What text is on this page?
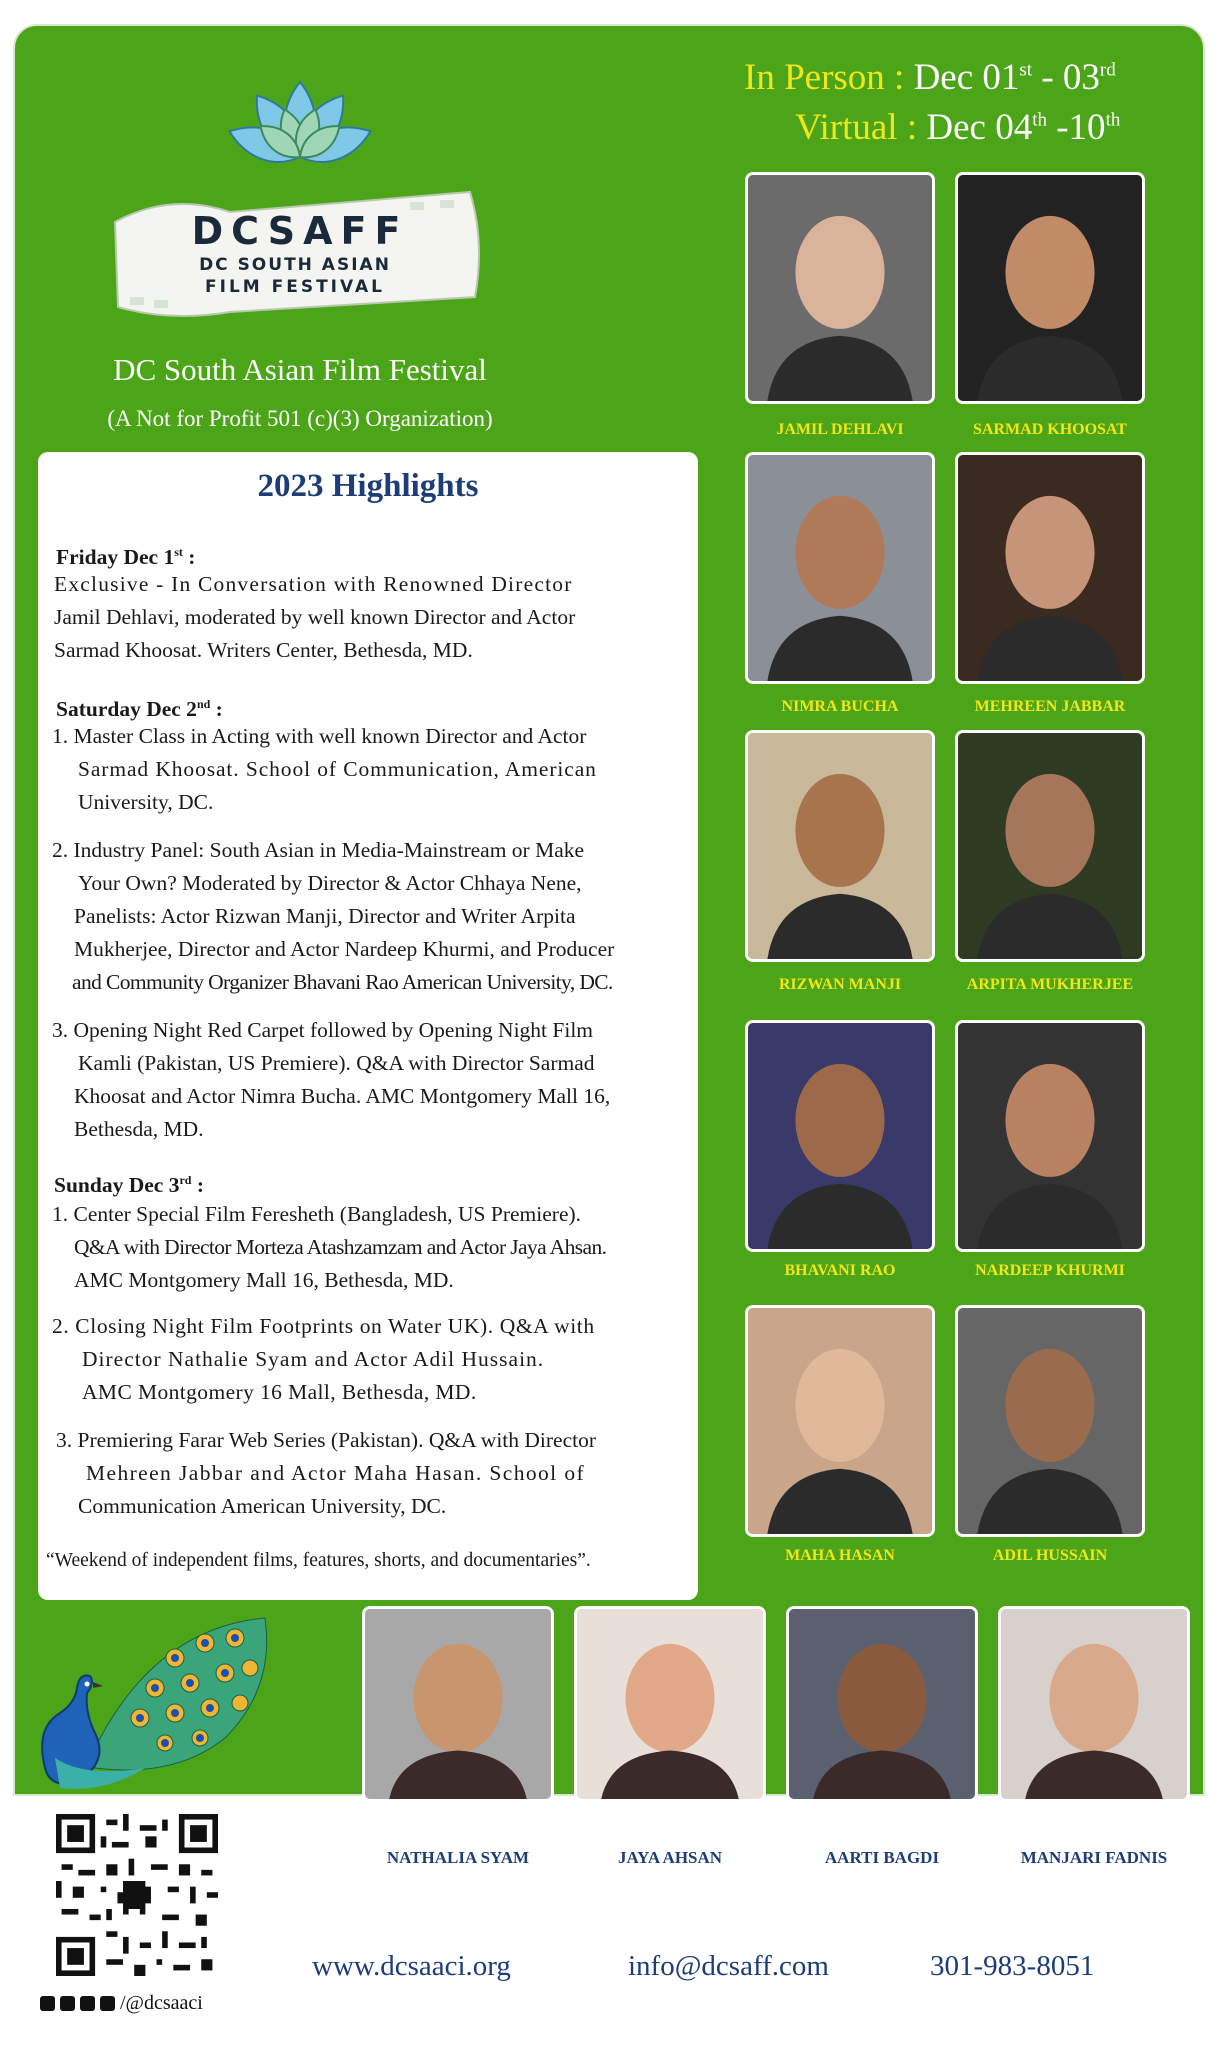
DCSAFF
DC SOUTH ASIAN
FILM FESTIVAL
DC South Asian Film Festival
(A Not for Profit 501 (c)(3) Organization)
In Person : Dec 01st - 03rd
Virtual : Dec 04th -10th
2023 Highlights
Friday Dec 1st :
Exclusive - In Conversation with Renowned Director
Jamil Dehlavi, moderated by well known Director and Actor
Sarmad Khoosat. Writers Center, Bethesda, MD.
Saturday Dec 2nd :
1. Master Class in Acting with well known Director and Actor
Sarmad Khoosat. School of Communication, American
University, DC.
2. Industry Panel: South Asian in Media-Mainstream or Make
Your Own? Moderated by Director & Actor Chhaya Nene,
Panelists: Actor Rizwan Manji, Director and Writer Arpita
Mukherjee, Director and Actor Nardeep Khurmi, and Producer
and Community Organizer Bhavani Rao American University, DC.
3. Opening Night Red Carpet followed by Opening Night Film
Kamli (Pakistan, US Premiere). Q&A with Director Sarmad
Khoosat and Actor Nimra Bucha. AMC Montgomery Mall 16,
Bethesda, MD.
Sunday Dec 3rd :
1. Center Special Film Feresheth (Bangladesh, US Premiere).
Q&A with Director Morteza Atashzamzam and Actor Jaya Ahsan.
AMC Montgomery Mall 16, Bethesda, MD.
2. Closing Night Film Footprints on Water UK). Q&A with
Director Nathalie Syam and Actor Adil Hussain.
AMC Montgomery 16 Mall, Bethesda, MD.
3. Premiering Farar Web Series (Pakistan). Q&A with Director
Mehreen Jabbar and Actor Maha Hasan. School of
Communication American University, DC.
“Weekend of independent films, features, shorts, and documentaries”.
JAMIL DEHLAVI	SARMAD KHOOSAT
NIMRA BUCHA	MEHREEN JABBAR
RIZWAN MANJI	ARPITA MUKHERJEE
BHAVANI RAO	NARDEEP KHURMI
MAHA HASAN	ADIL HUSSAIN
NATHALIA SYAM	JAYA AHSAN	AARTI BAGDI	MANJARI FADNIS
/@dcsaaci
www.dcsaaci.org	info@dcsaff.com	301-983-8051
